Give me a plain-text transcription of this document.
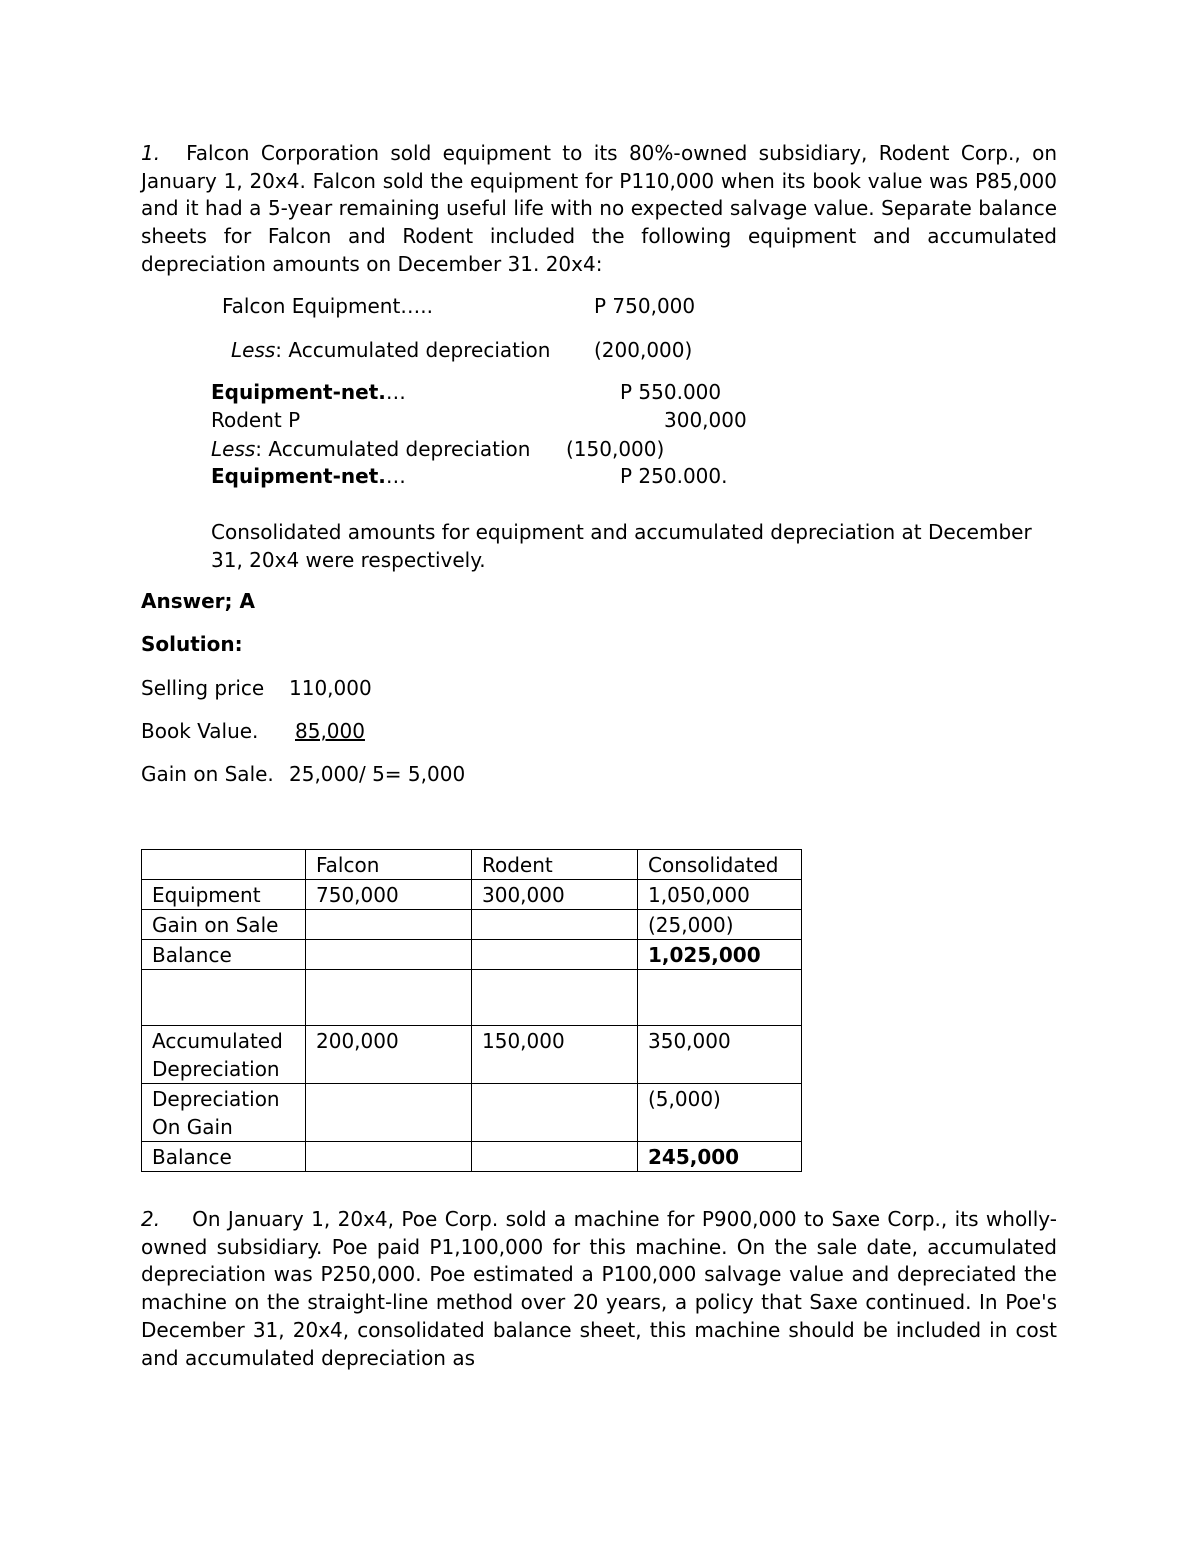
1. Falcon Corporation sold equipment to its 80%-owned subsidiary, Rodent Corp., on January 1, 20x4. Falcon sold the equipment for P110,000 when its book value was P85,000 and it had a 5-year remaining useful life with no expected salvage value. Separate balance sheets for Falcon and Rodent included the following equipment and accumulated depreciation amounts on December 31. 20x4:
Falcon Equipment…..	P 750,000
Less: Accumulated depreciation (200,000)
Equipment-net.…	P 550.000
Rodent P	300,000
Less: Accumulated depreciation (150,000)
Equipment-net.…	P 250.000.
Consolidated amounts for equipment and accumulated depreciation at December 31, 20x4 were respectively.
Answer; A
Solution:
Selling price 110,000
Book Value. 85,000
Gain on Sale. 25,000/ 5= 5,000
	Falcon	Rodent	Consolidated
Equipment	750,000	300,000	1,050,000
Gain on Sale			(25,000)
Balance			1,025,000

Accumulated Depreciation	200,000	150,000	350,000
Depreciation On Gain			(5,000)
Balance			245,000
2. On January 1, 20x4, Poe Corp. sold a machine for P900,000 to Saxe Corp., its wholly-owned subsidiary. Poe paid P1,100,000 for this machine. On the sale date, accumulated depreciation was P250,000. Poe estimated a P100,000 salvage value and depreciated the machine on the straight-line method over 20 years, a policy that Saxe continued. In Poe's December 31, 20x4, consolidated balance sheet, this machine should be included in cost and accumulated depreciation as
